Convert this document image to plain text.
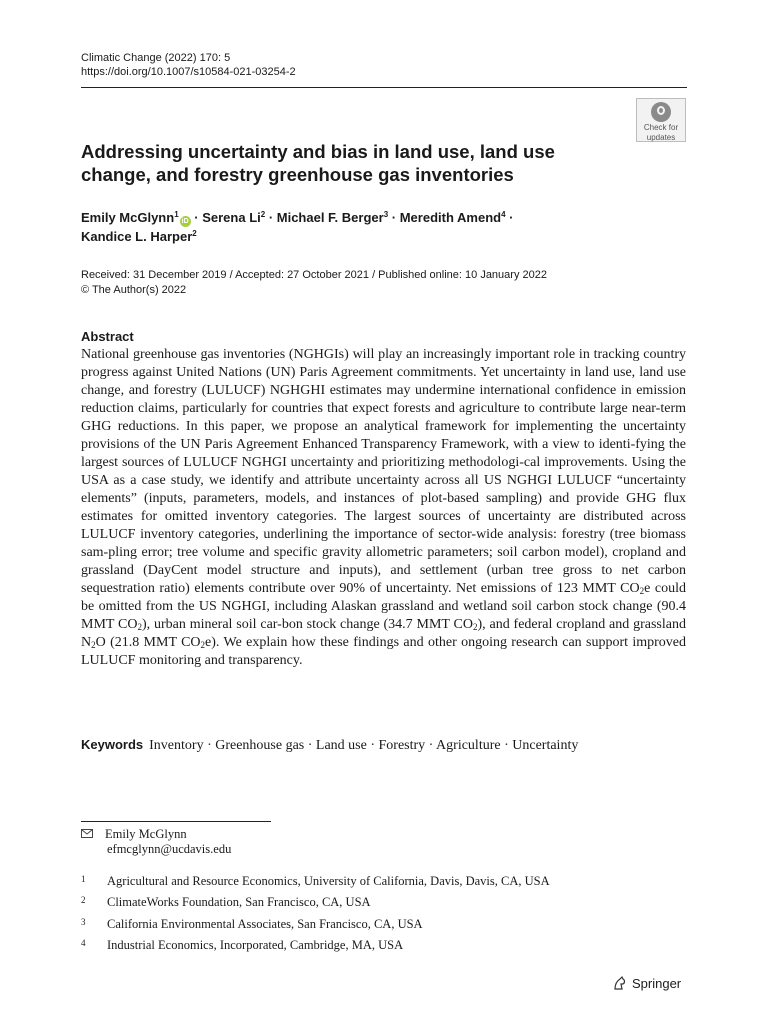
Climatic Change (2022) 170: 5
https://doi.org/10.1007/s10584-021-03254-2
Check for
updates
Addressing uncertainty and bias in land use, land use change, and forestry greenhouse gas inventories
Emily McGlynn$^1$iD · Serena $Li^2$ · Michael F. Berger$^3$ · Meredith Amend$^4$ ·
Kandice L. Harper$^2$
Received: 31 December 2019 / Accepted: 27 October 2021 / Published online: 10 January 2022
© The Author(s) 2022
Abstract

National greenhouse gas inventories (NGHGIs) will play an increasingly important role in tracking country progress against United Nations (UN) Paris Agreement commitments. Yet uncertainty in land use, land use change, and forestry (LULUCF) NGHGHI estimates may undermine international confidence in emission reduction claims, particularly for countries that expect forests and agriculture to contribute large near-term GHG reductions. In this paper, we propose an analytical framework for implementing the uncertainty provisions of the UN Paris Agreement Enhanced Transparency Framework, with a view to identi-fying the largest sources of LULUCF NGHGI uncertainty and prioritizing methodologi-cal improvements. Using the USA as a case study, we identify and attribute uncertainty across all US NGHGI LULUCF “uncertainty elements” (inputs, parameters, models, and instances of plot-based sampling) and provide GHG flux estimates for omitted inventory categories. The largest sources of uncertainty are distributed across LULUCF inventory categories, underlining the importance of sector-wide analysis: forestry (tree biomass sam-pling error; tree volume and specific gravity allometric parameters; soil carbon model), cropland and grassland (DayCent model structure and inputs), and settlement (urban tree gross to net carbon sequestration ratio) elements contribute over 90% of uncertainty. Net emissions of 123 MMT $CO_2e$ could be omitted from the US NGHGI, including Alaskan grassland and wetland soil carbon stock change (90.4 MMT $CO_2$), urban mineral soil car-bon stock change (34.7 MMT $CO_2$), and federal cropland and grassland $N_2O$ (21.8 MMT $CO_2e$). We explain how these findings and other ongoing research can support improved LULUCF monitoring and transparency.

Keywords Inventory · Greenhouse gas · Land use · Forestry · Agriculture · Uncertainty
Emily McGlynn
efmcglynn@ucdavis.edu
1 Agricultural and Resource Economics, University of California, Davis, Davis, CA, USA
2 ClimateWorks Foundation, San Francisco, CA, USA
3 California Environmental Associates, San Francisco, CA, USA
4 Industrial Economics, Incorporated, Cambridge, MA, USA
Springer
